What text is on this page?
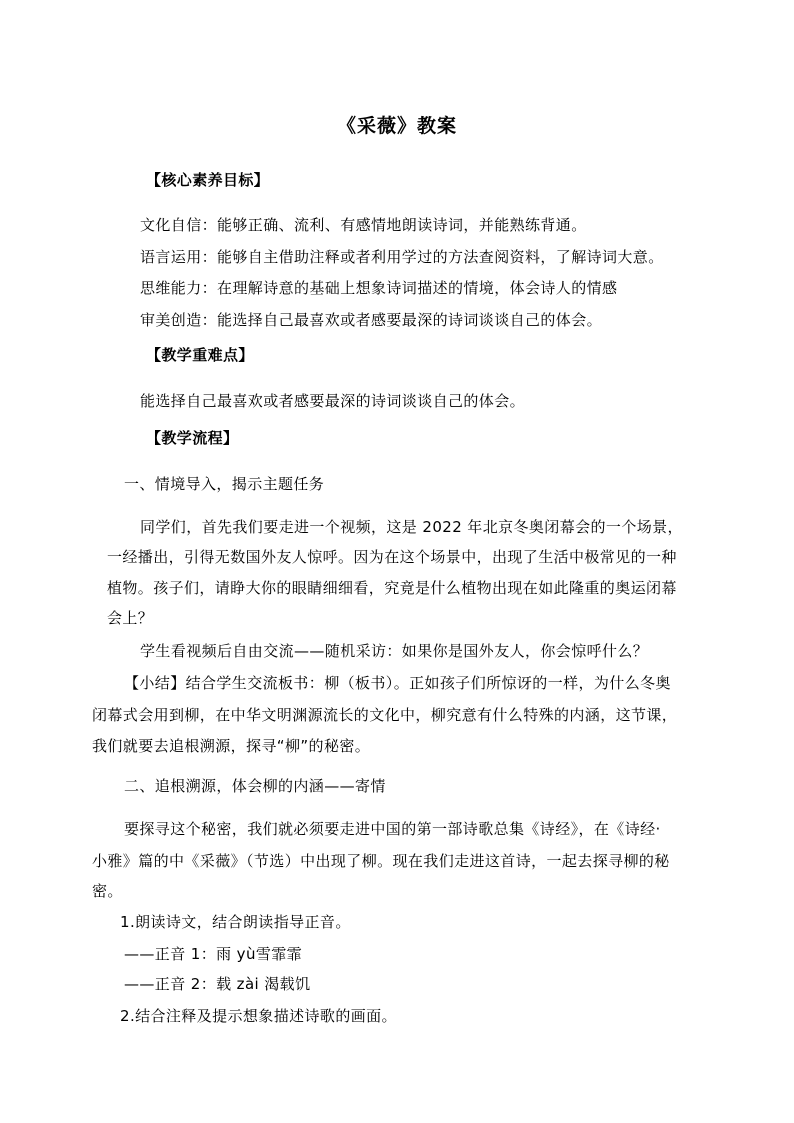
《采薇》教案
【核心素养目标】
文化自信：能够正确、流利、有感情地朗读诗词，并能熟练背通。
语言运用：能够自主借助注释或者利用学过的方法查阅资料，了解诗词大意。
思维能力：在理解诗意的基础上想象诗词描述的情境，体会诗人的情感
审美创造：能选择自己最喜欢或者感要最深的诗词谈谈自己的体会。
【教学重难点】
能选择自己最喜欢或者感要最深的诗词谈谈自己的体会。
【教学流程】
一、情境导入，揭示主题任务
同学们，首先我们要走进一个视频，这是 2022 年北京冬奥闭幕会的一个场景，
一经播出，引得无数国外友人惊呼。因为在这个场景中，出现了生活中极常见的一种
植物。孩子们，请睁大你的眼睛细细看，究竟是什么植物出现在如此隆重的奥运闭幕
会上？
学生看视频后自由交流——随机采访：如果你是国外友人，你会惊呼什么？
【小结】结合学生交流板书：柳（板书）。正如孩子们所惊讶的一样，为什么冬奥
闭幕式会用到柳，在中华文明渊源流长的文化中，柳究意有什么特殊的内涵，这节课，
我们就要去追根溯源，探寻“柳”的秘密。
二、追根溯源，体会柳的内涵——寄情
要探寻这个秘密，我们就必须要走进中国的第一部诗歌总集《诗经》，在《诗经·
小雅》篇的中《采薇》（节选）中出现了柳。现在我们走进这首诗，一起去探寻柳的秘
密。
1.朗读诗文，结合朗读指导正音。
——正音 1：雨 yù雪霏霏
——正音 2：载 zài 渴载饥
2.结合注释及提示想象描述诗歌的画面。
